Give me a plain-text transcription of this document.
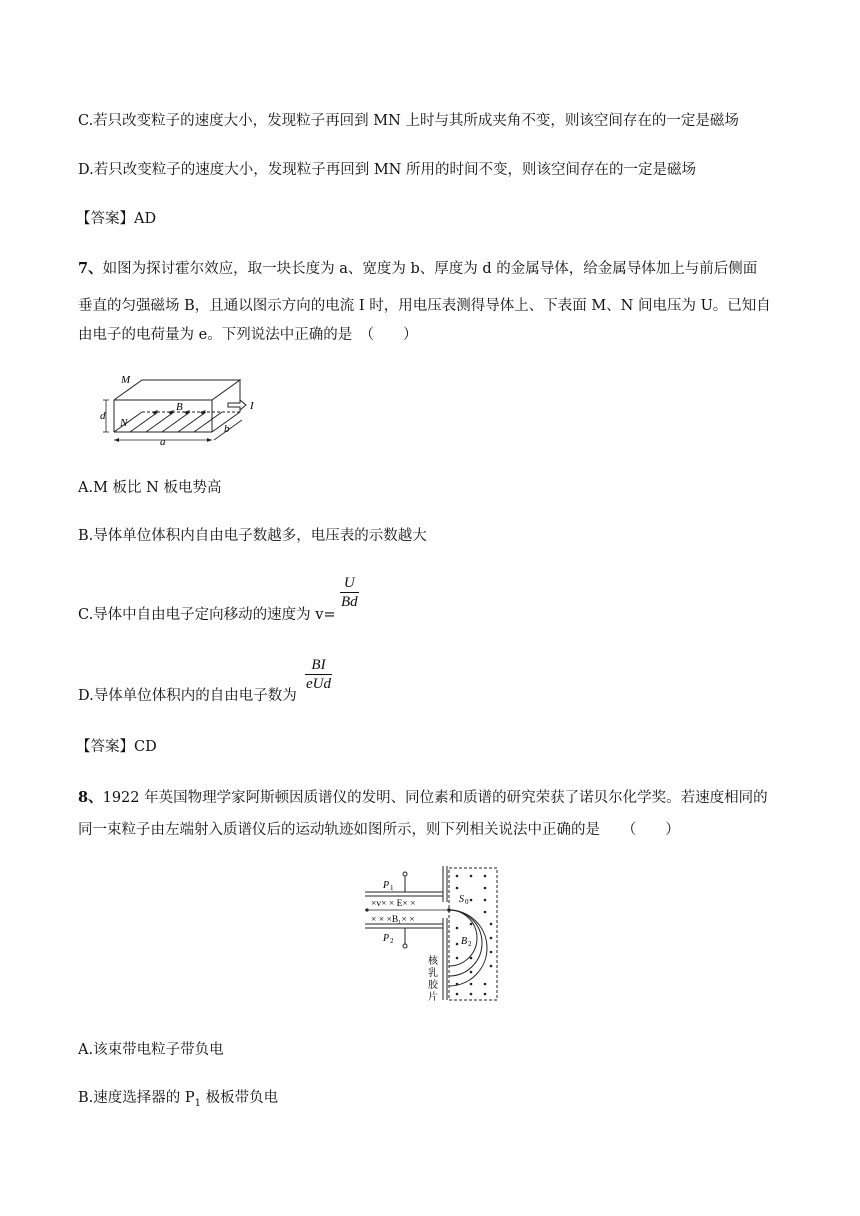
C.若只改变粒子的速度大小，发现粒子再回到 MN 上时与其所成夹角不变，则该空间存在的一定是磁场
D.若只改变粒子的速度大小，发现粒子再回到 MN 所用的时间不变，则该空间存在的一定是磁场
【答案】AD
7、如图为探讨霍尔效应，取一块长度为 a、宽度为 b、厚度为 d 的金属导体，给金属导体加上与前后侧面
垂直的匀强磁场 B，且通以图示方向的电流 I 时，用电压表测得导体上、下表面 M、N 间电压为 U。已知自
由电子的电荷量为 e。下列说法中正确的是　（　　）
M
d
N
B	I
a
b
A.M 板比 N 板电势高
B.导体单位体积内自由电子数越多，电压表的示数越大
C.导体中自由电子定向移动的速度为 v=
$\frac{U}{Bd}$
D.导体单位体积内的自由电子数为
BI
eUd
【答案】CD
8、1922 年英国物理学家阿斯顿因质谱仪的发明、同位素和质谱的研究荣获了诺贝尔化学奖。若速度相同的
同一束粒子由左端射入质谱仪后的运动轨迹如图所示，则下列相关说法中正确的是　　（　　）
P 1
P 2
×v× × E× ×
× × ×B₁× ×
S 0
B 2
核
乳
胶
片
A.该束带电粒子带负电
B.速度选择器的 $P_1$ 极板带负电
